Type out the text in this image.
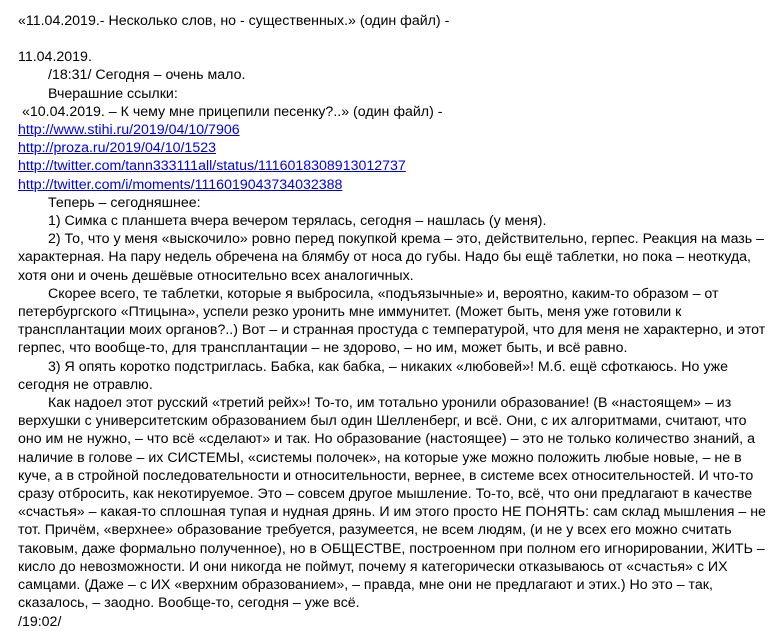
«11.04.2019.- Несколько слов, но - существенных.» (один файл) -

11.04.2019.

/18:31/ Сегодня – очень мало.

Вчерашние ссылки:

«10.04.2019. – К чему мне прицепили песенку?..» (один файл) -

http://www.stihi.ru/2019/04/10/7906
http://proza.ru/2019/04/10/1523
http://twitter.com/tann333111all/status/1116018308913012737
http://twitter.com/i/moments/1116019043734032388

Теперь – сегодняшнее:

1) Симка с планшета вчера вечером терялась, сегодня – нашлась (у меня).

2) То, что у меня «выскочило» ровно перед покупкой крема – это, действительно, герпес. Реакция на мазь – характерная. На пару недель обречена на блямбу от носа до губы. Надо бы ещё таблетки, но пока – неоткуда, хотя они и очень дешёвые относительно всех аналогичных.

Скорее всего, те таблетки, которые я выбросила, «подъязычные» и, вероятно, каким-то образом – от петербургского «Птицына», успели резко уронить мне иммунитет. (Может быть, меня уже готовили к трансплантации моих органов?..) Вот – и странная простуда с температурой, что для меня не характерно, и этот герпес, что вообще-то, для трансплантации – не здорово, – но им, может быть, и всё равно.

3) Я опять коротко подстриглась. Бабка, как бабка, – никаких «любовей»! М.б. ещё сфоткаюсь. Но уже сегодня не отравлю.

Как надоел этот русский «третий рейх»! То-то, им тотально уронили образование! (В «настоящем» – из верхушки с университетским образованием был один Шелленберг, и всё. Они, с их алгоритмами, считают, что оно им не нужно, – что всё «сделают» и так. Но образование (настоящее) – это не только количество знаний, а наличие в голове – их СИСТЕМЫ, «системы полочек», на которые уже можно положить любые новые, – не в куче, а в стройной последовательности и относительности, вернее, в системе всех относительностей. И что-то сразу отбросить, как некотируемое. Это – совсем другое мышление. То-то, всё, что они предлагают в качестве «счастья» – какая-то сплошная тупая и нудная дрянь. И им этого просто НЕ ПОНЯТЬ: сам склад мышления – не тот. Причём, «верхнее» образование требуется, разумеется, не всем людям, (и не у всех его можно считать таковым, даже формально полученное), но в ОБЩЕСТВЕ, построенном при полном его игнорировании, ЖИТЬ – кисло до невозможности. И они никогда не поймут, почему я категорически отказываюсь от «счастья» с ИХ самцами. (Даже – с ИХ «верхним образованием», – правда, мне они не предлагают и этих.) Но это – так, сказалось, – заодно. Вообще-то, сегодня – уже всё.

/19:02/
